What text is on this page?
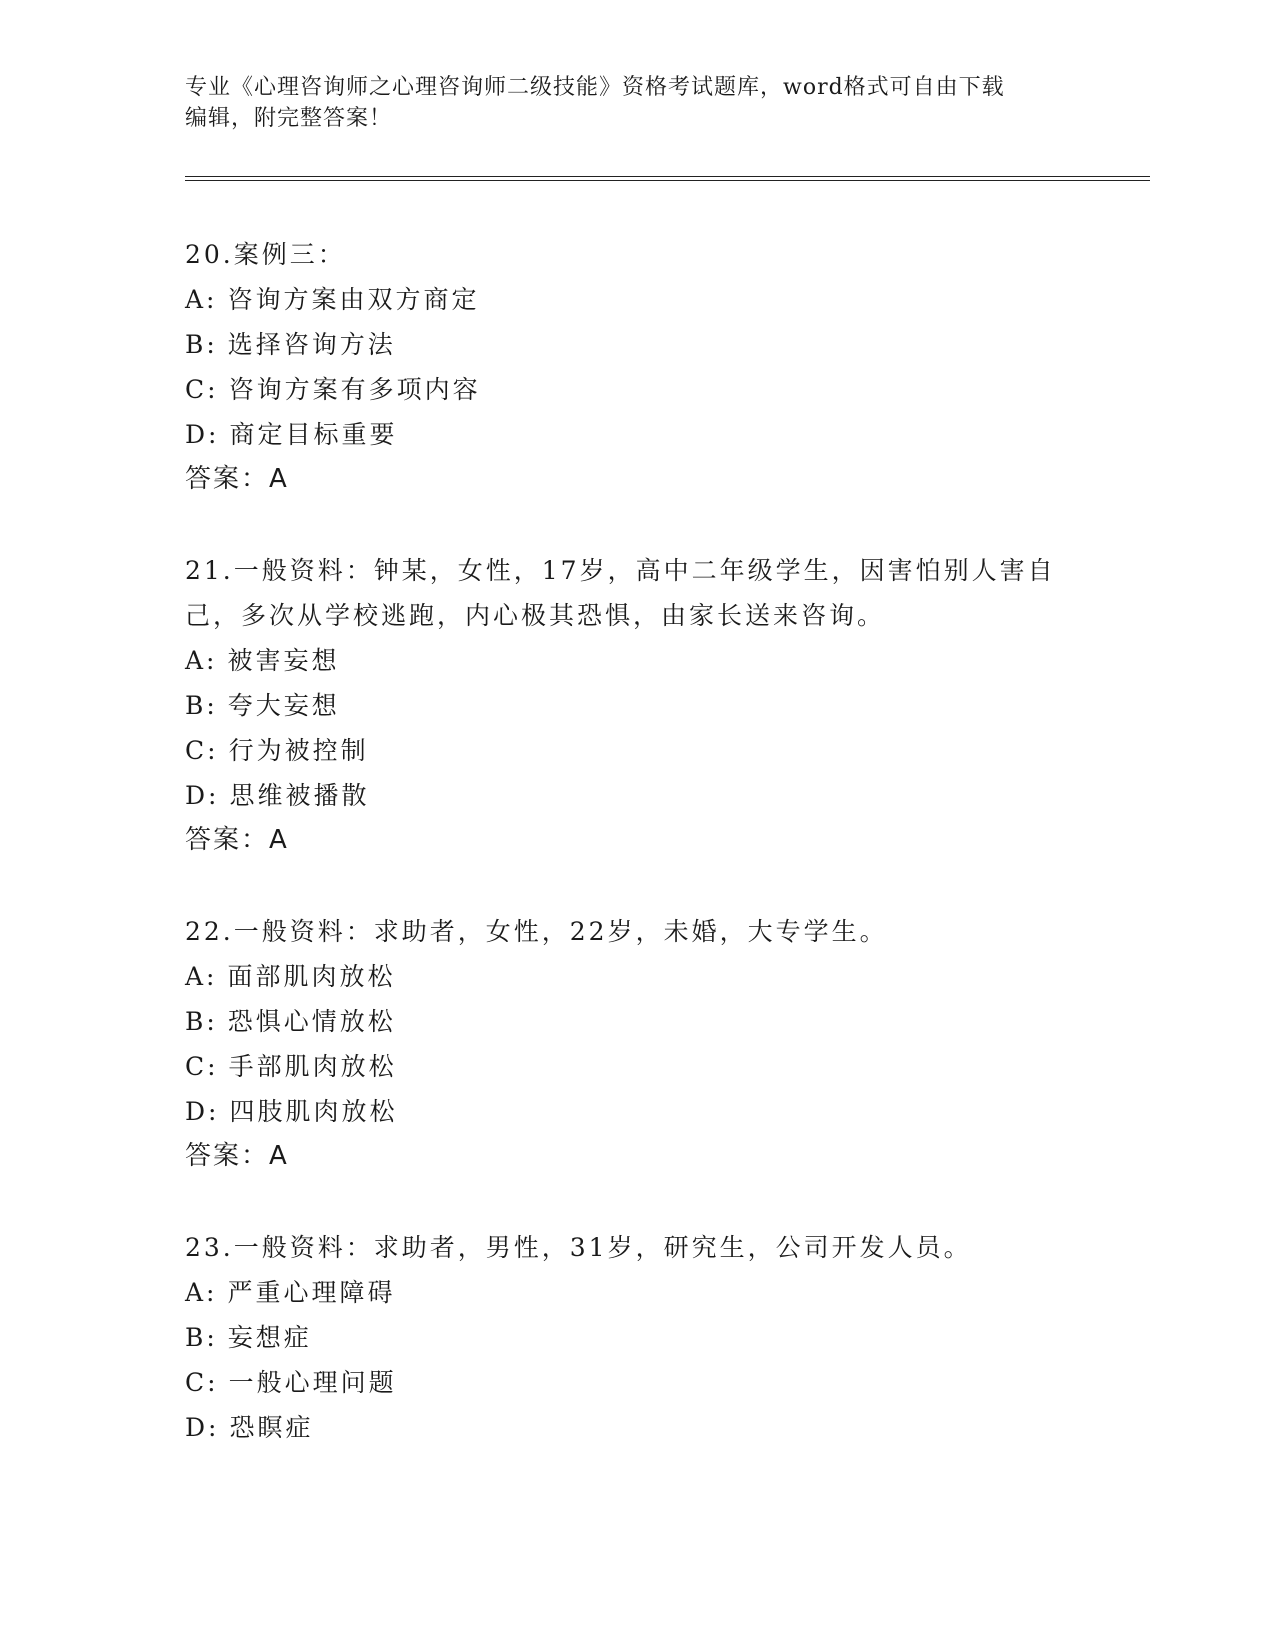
专业《心理咨询师之心理咨询师二级技能》资格考试题库，word格式可自由下载
编辑，附完整答案！
20.案例三：
A: 咨询方案由双方商定
B: 选择咨询方法
C: 咨询方案有多项内容
D: 商定目标重要
答案：A
21.一般资料：钟某，女性，17岁，高中二年级学生，因害怕别人害自己，多次从学校逃跑，内心极其恐惧，由家长送来咨询。
A: 被害妄想
B: 夸大妄想
C: 行为被控制
D: 思维被播散
答案：A
22.一般资料：求助者，女性，22岁，未婚，大专学生。
A: 面部肌肉放松
B: 恐惧心情放松
C: 手部肌肉放松
D: 四肢肌肉放松
答案：A
23.一般资料：求助者，男性，31岁，研究生，公司开发人员。
A: 严重心理障碍
B: 妄想症
C: 一般心理问题
D: 恐瞑症
